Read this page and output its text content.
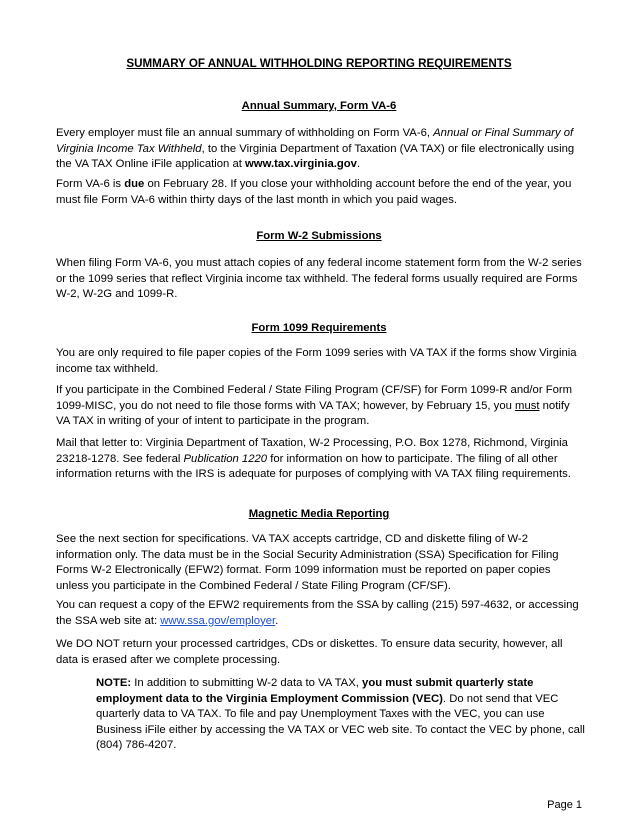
SUMMARY OF ANNUAL WITHHOLDING REPORTING REQUIREMENTS
Annual Summary, Form VA-6

Every employer must file an annual summary of withholding on Form VA-6, Annual or Final Summary of Virginia Income Tax Withheld, to the Virginia Department of Taxation (VA TAX) or file electronically using the VA TAX Online iFile application at www.tax.virginia.gov.

Form VA-6 is due on February 28. If you close your withholding account before the end of the year, you must file Form VA-6 within thirty days of the last month in which you paid wages.

Form W-2 Submissions

When filing Form VA-6, you must attach copies of any federal income statement form from the W-2 series or the 1099 series that reflect Virginia income tax withheld. The federal forms usually required are Forms W-2, W-2G and 1099-R.

Form 1099 Requirements

You are only required to file paper copies of the Form 1099 series with VA TAX if the forms show Virginia income tax withheld.

If you participate in the Combined Federal / State Filing Program (CF/SF) for Form 1099-R and/or Form 1099-MISC, you do not need to file those forms with VA TAX; however, by February 15, you must notify VA TAX in writing of your of intent to participate in the program.

Mail that letter to: Virginia Department of Taxation, W-2 Processing, P.O. Box 1278, Richmond, Virginia 23218-1278. See federal Publication 1220 for information on how to participate. The filing of all other information returns with the IRS is adequate for purposes of complying with VA TAX filing requirements.

Magnetic Media Reporting

See the next section for specifications. VA TAX accepts cartridge, CD and diskette filing of W-2 information only. The data must be in the Social Security Administration (SSA) Specification for Filing Forms W-2 Electronically (EFW2) format. Form 1099 information must be reported on paper copies unless you participate in the Combined Federal / State Filing Program (CF/SF).

You can request a copy of the EFW2 requirements from the SSA by calling (215) 597-4632, or accessing the SSA web site at: www.ssa.gov/employer.

We DO NOT return your processed cartridges, CDs or diskettes. To ensure data security, however, all data is erased after we complete processing.

NOTE: In addition to submitting W-2 data to VA TAX, you must submit quarterly state employment data to the Virginia Employment Commission (VEC). Do not send that VEC quarterly data to VA TAX. To file and pay Unemployment Taxes with the VEC, you can use Business iFile either by accessing the VA TAX or VEC web site. To contact the VEC by phone, call (804) 786-4207.

Page 1
